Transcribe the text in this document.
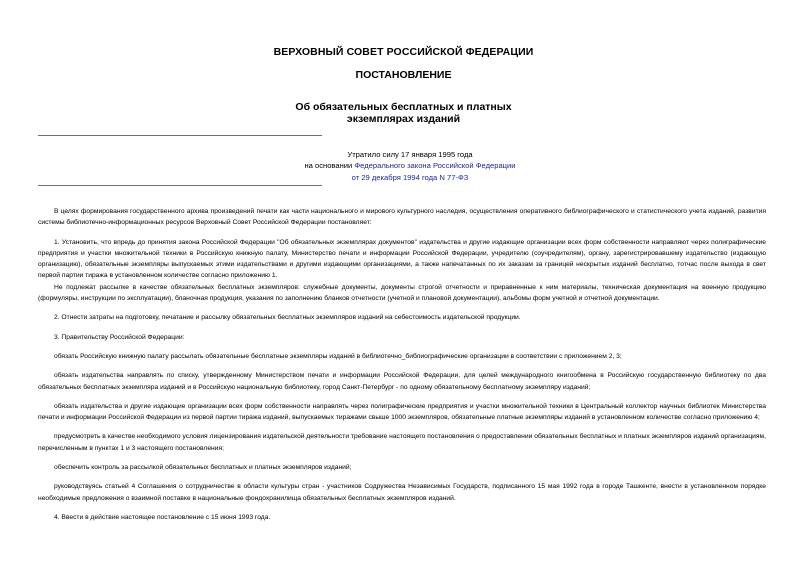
ВЕРХОВНЫЙ СОВЕТ РОССИЙСКОЙ ФЕДЕРАЦИИ
ПОСТАНОВЛЕНИЕ
Об обязательных бесплатных и платных
экземплярах изданий
Утратило силу 17 января 1995 года
на основании Федерального закона Российской Федерации
от 29 декабря 1994 года N 77-ФЗ

В целях формирования государственного архива произведений печати как части национального и мирового культурного наследия, осуществления оперативного библиографического и статистического учета изданий, развития системы библиотечно-информационных ресурсов Верховный Совет Российской Федерации постановляет:

1. Установить, что впредь до принятия закона Российской Федерации "Об обязательных экземплярах документов" издательства и другие издающие организации всех форм собственности направляют через полиграфические предприятия и участки множительной техники в Российскую книжную палату, Министерство печати и информации Российской Федерации, учредителю (соучредителям), органу, зарегистрировавшему издательство (издающую организацию), обязательные экземпляры выпускаемых этими издательствами и другими издающими организациями, а также напечатанных по их заказам за границей нескрытых изданий бесплатно, тотчас после выхода в свет первой партии тиража в установленном количестве согласно приложению 1.

Не подлежат рассылке в качестве обязательных бесплатных экземпляров: служебные документы, документы строгой отчетности и приравненные к ним материалы, техническая документация на военную продукцию (формуляры, инструкции по эксплуатации), бланочная продукция, указания по заполнению бланков отчетности (учетной и плановой документации), альбомы форм учетной и отчетной документации.

2. Отнести затраты на подготовку, печатание и рассылку обязательных бесплатных экземпляров изданий на себестоимость издательской продукции.

3. Правительству Российской Федерации:

обязать Российскую книжную палату рассылать обязательные бесплатные экземпляры изданий в библиотечно_библиографические организации в соответствии с приложением 2, 3;

обязать издательства направлять по списку, утвержденному Министерством печати и информации Российской Федерации, для целей международного книгообмена в Российскую государственную библиотеку по два обязательных бесплатных экземпляра изданий и в Российскую национальную библиотеку, город Санкт-Петербург - по одному обязательному бесплатному экземпляру изданий;

обязать издательства и другие издающие организации всех форм собственности направлять через полиграфические предприятия и участки множительной техники в Центральный коллектор научных библиотек Министерства печати и информации Российской Федерации из первой партии тиража изданий, выпускаемых тиражами свыше 1000 экземпляров, обязательные платные экземпляры изданий в установленном количестве согласно приложению 4;

предусмотреть в качестве необходимого условия лицензирования издательской деятельности требование настоящего постановления о предоставлении обязательных бесплатных и платных экземпляров изданий организациям, перечисленным в пунктах 1 и 3 настоящего постановления;

обеспечить контроль за рассылкой обязательных бесплатных и платных экземпляров изданий;

руководствуясь статьей 4 Соглашения о сотрудничестве в области культуры стран - участников Содружества Независимых Государств, подписанного 15 мая 1992 года в городе Ташкенте, внести в установленном порядке необходимые предложения о взаимной поставке в национальные фондохранилища обязательных бесплатных экземпляров изданий.

4. Ввести в действие настоящее постановление с 15 июня 1993 года.
